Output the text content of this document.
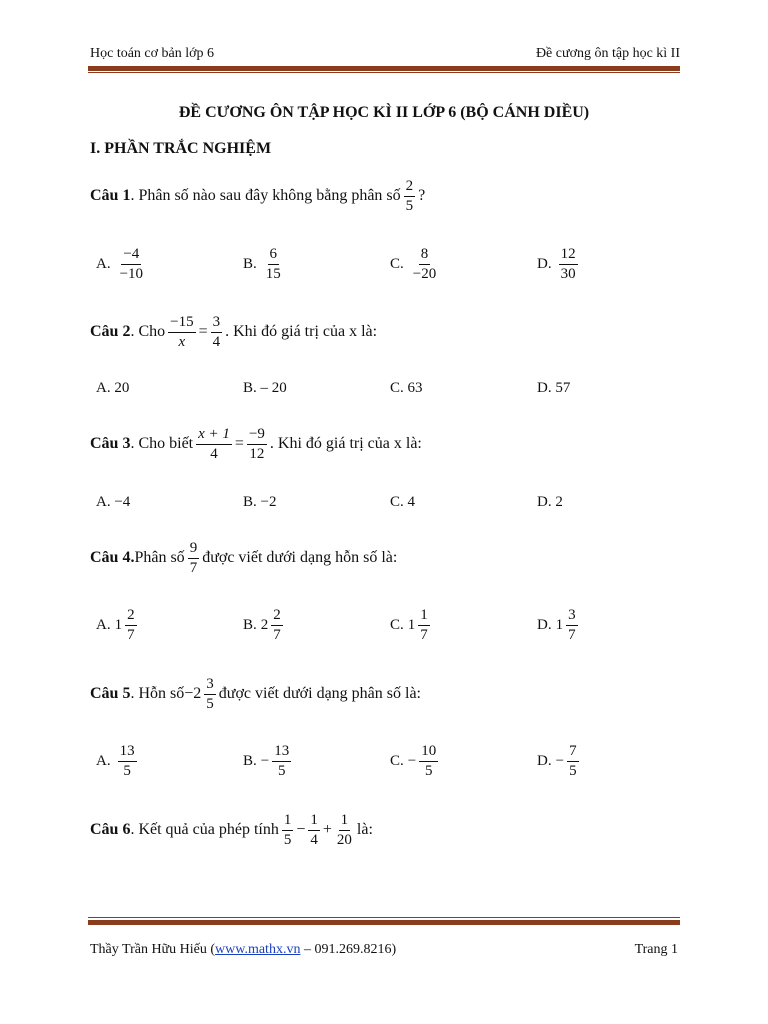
Học toán cơ bản lớp 6	Đề cương ôn tập học kì II
ĐỀ CƯƠNG ÔN TẬP HỌC KÌ II LỚP 6 (BỘ CÁNH DIỀU)
I. PHẦN TRẮC NGHIỆM
Câu 1 . Phân số nào sau đây không bằng phân số $\frac{2}{5}$ ?
A. $\frac{-4}{-10}$	B. $\frac{6}{15}$	C. $\frac{8}{-20}$	D. $\frac{12}{30}$
Câu 2 . Cho $\frac{-15}{x} = \frac{3}{4}$ . Khi đó giá trị của x là:
A. 20	B. – 20	C. 63	D. 57
Câu 3 . Cho biết $\frac{x + 1}{4} = \frac{-9}{12}$ . Khi đó giá trị của x là:
A. −4	B. −2	C. 4	D. 2
Câu 4. Phân số $\frac{9}{7}$ được viết dưới dạng hỗn số là:
A. $1 \frac{2}{7}$	B. $2 \frac{2}{7}$	C. $1 \frac{1}{7}$	D. $1 \frac{3}{7}$
Câu 5 . Hỗn số $-2 \frac{3}{5}$ được viết dưới dạng phân số là:
A. $\frac{13}{5}$	B. − $\frac{13}{5}$	C. − $\frac{10}{5}$	D. − $\frac{7}{5}$
Câu 6 . Kết quả của phép tính $\frac{1}{5} - \frac{1}{4} + \frac{1}{20}$ là:
Thầy Trần Hữu Hiếu (www.mathx.vn – 091.269.8216)	Trang 1
